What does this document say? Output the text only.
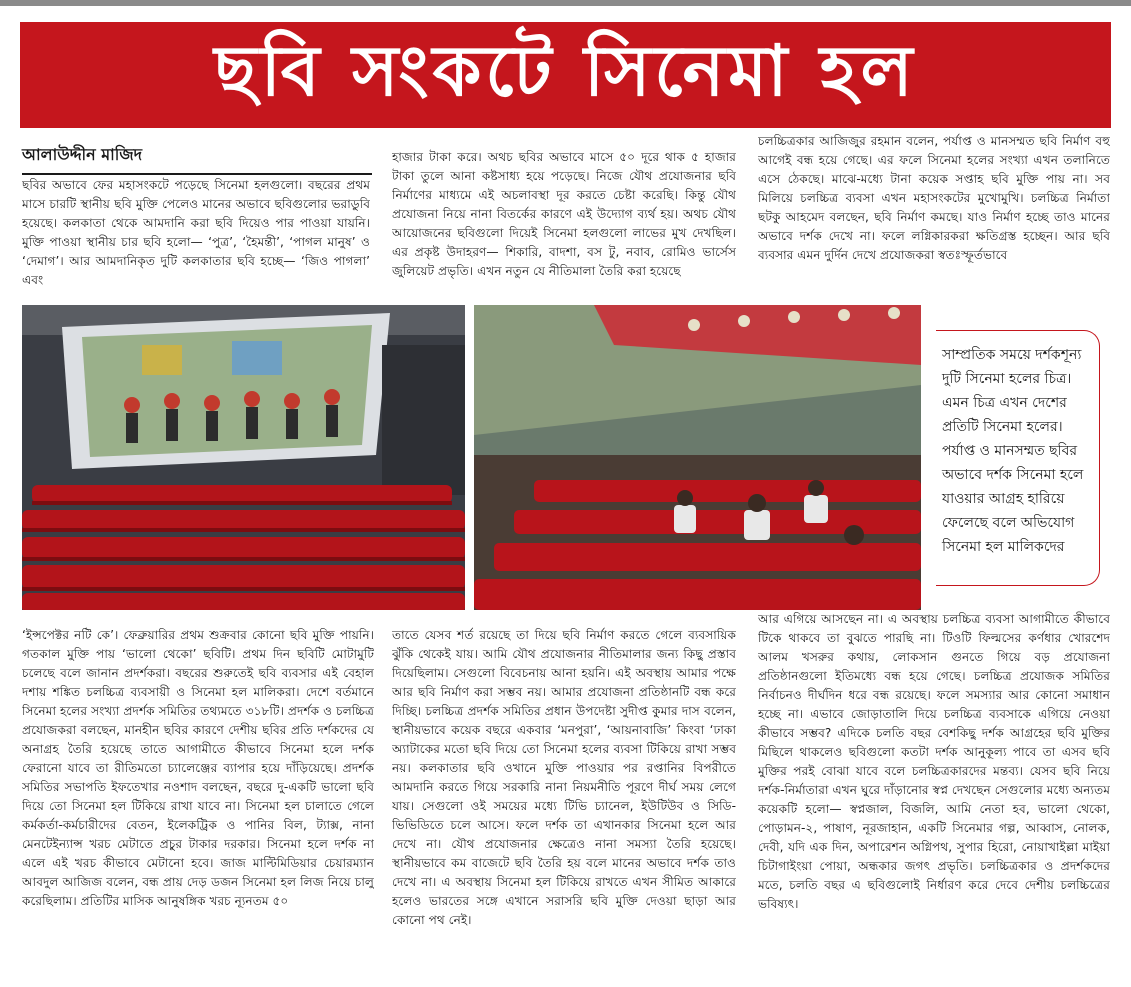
ছবি সংকটে সিনেমা হল
আলাউদ্দীন মাজিদ

ছবির অভাবে ফের মহাসংকটে পড়েছে সিনেমা হলগুলো। বছরের প্রথম মাসে চারটি স্থানীয় ছবি মুক্তি পেলেও মানের অভাবে ছবিগুলোর ভরাডুবি হয়েছে। কলকাতা থেকে আমদানি করা ছবি দিয়েও পার পাওয়া যায়নি। মুক্তি পাওয়া স্থানীয় চার ছবি হলো— ‘পুত্র’, ‘হৈমন্তী’, ‘পাগল মানুষ’ ও ‘দেমাগ’। আর আমদানিকৃত দুটি কলকাতার ছবি হচ্ছে— ‘জিও পাগলা’ এবং

হাজার টাকা করে। অথচ ছবির অভাবে মাসে ৫০ দূরে থাক ৫ হাজার টাকা তুলে আনা কষ্টসাধ্য হয়ে পড়েছে। নিজে যৌথ প্রযোজনার ছবি নির্মাণের মাধ্যমে এই অচলাবস্থা দূর করতে চেষ্টা করেছি। কিন্তু যৌথ প্রযোজনা নিয়ে নানা বিতর্কের কারণে এই উদ্যোগ ব্যর্থ হয়। অথচ যৌথ আয়োজনের ছবিগুলো দিয়েই সিনেমা হলগুলো লাভের মুখ দেখছিল। এর প্রকৃষ্ট উদাহরণ— শিকারি, বাদশা, বস টু, নবাব, রোমিও ভার্সেস জুলিয়েট প্রভৃতি। এখন নতুন যে নীতিমালা তৈরি করা হয়েছে

চলচ্চিত্রকার আজিজুর রহমান বলেন, পর্যাপ্ত ও মানসম্মত ছবি নির্মাণ বহু আগেই বন্ধ হয়ে গেছে। এর ফলে সিনেমা হলের সংখ্যা এখন তলানিতে এসে ঠেকছে। মাঝে-মধ্যে টানা কয়েক সপ্তাহ ছবি মুক্তি পায় না। সব মিলিয়ে চলচ্চিত্র ব্যবসা এখন মহাসংকটের মুখোমুখি। চলচ্চিত্র নির্মাতা ছটকু আহমেদ বলছেন, ছবি নির্মাণ কমছে। যাও নির্মাণ হচ্ছে তাও মানের অভাবে দর্শক দেখে না। ফলে লগ্নিকারকরা ক্ষতিগ্রস্ত হচ্ছেন। আর ছবি ব্যবসার এমন দুর্দিন দেখে প্রযোজকরা স্বতঃস্ফূর্তভাবে

সাম্প্রতিক সময়ে দর্শকশূন্য দুটি সিনেমা হলের চিত্র। এমন চিত্র এখন দেশের প্রতিটি সিনেমা হলের। পর্যাপ্ত ও মানসম্মত ছবির অভাবে দর্শক সিনেমা হলে যাওয়ার আগ্রহ হারিয়ে ফেলেছে বলে অভিযোগ সিনেমা হল মালিকদের

‘ইন্সপেক্টর নটি কে’। ফেব্রুয়ারির প্রথম শুক্রবার কোনো ছবি মুক্তি পায়নি। গতকাল মুক্তি পায় ‘ভালো থেকো’ ছবিটি। প্রথম দিন ছবিটি মোটামুটি চলেছে বলে জানান প্রদর্শকরা। বছরের শুরুতেই ছবি ব্যবসার এই বেহাল দশায় শঙ্কিত চলচ্চিত্র ব্যবসায়ী ও সিনেমা হল মালিকরা। দেশে বর্তমানে সিনেমা হলের সংখ্যা প্রদর্শক সমিতির তথ্যমতে ৩১৮টি। প্রদর্শক ও চলচ্চিত্র প্রযোজকরা বলছেন, মানহীন ছবির কারণে দেশীয় ছবির প্রতি দর্শকদের যে অনাগ্রহ তৈরি হয়েছে তাতে আগামীতে কীভাবে সিনেমা হলে দর্শক ফেরানো যাবে তা রীতিমতো চ্যালেঞ্জের ব্যাপার হয়ে দাঁড়িয়েছে। প্রদর্শক সমিতির সভাপতি ইফতেখার নওশাদ বলছেন, বছরে দু-একটি ভালো ছবি দিয়ে তো সিনেমা হল টিকিয়ে রাখা যাবে না। সিনেমা হল চালাতে গেলে কর্মকর্তা-কর্মচারীদের বেতন, ইলেকট্রিক ও পানির বিল, ট্যাক্স, নানা মেনটেইন্যান্স খরচ মেটাতে প্রচুর টাকার দরকার। সিনেমা হলে দর্শক না এলে এই খরচ কীভাবে মেটানো হবে। জাজ মাল্টিমিডিয়ার চেয়ারম্যান আবদুল আজিজ বলেন, বন্ধ প্রায় দেড় ডজন সিনেমা হল লিজ নিয়ে চালু করেছিলাম। প্রতিটির মাসিক আনুষঙ্গিক খরচ ন্যূনতম ৫০

তাতে যেসব শর্ত রয়েছে তা দিয়ে ছবি নির্মাণ করতে গেলে ব্যবসায়িক ঝুঁকি থেকেই যায়। আমি যৌথ প্রযোজনার নীতিমালার জন্য কিছু প্রস্তাব দিয়েছিলাম। সেগুলো বিবেচনায় আনা হয়নি। এই অবস্থায় আমার পক্ষে আর ছবি নির্মাণ করা সম্ভব নয়। আমার প্রযোজনা প্রতিষ্ঠানটি বন্ধ করে দিচ্ছি। চলচ্চিত্র প্রদর্শক সমিতির প্রধান উপদেষ্টা সুদীপ্ত কুমার দাস বলেন, স্থানীয়ভাবে কয়েক বছরে একবার ‘মনপুরা’, ‘আয়নাবাজি’ কিংবা ‘ঢাকা অ্যাটাকের মতো ছবি দিয়ে তো সিনেমা হলের ব্যবসা টিকিয়ে রাখা সম্ভব নয়। কলকাতার ছবি ওখানে মুক্তি পাওয়ার পর রপ্তানির বিপরীতে আমদানি করতে গিয়ে সরকারি নানা নিয়মনীতি পূরণে দীর্ঘ সময় লেগে যায়। সেগুলো ওই সময়ের মধ্যে টিভি চ্যানেল, ইউটিউব ও সিডি-ভিভিডিতে চলে আসে। ফলে দর্শক তা এখানকার সিনেমা হলে আর দেখে না। যৌথ প্রযোজনার ক্ষেত্রেও নানা সমস্যা তৈরি হয়েছে। স্থানীয়ভাবে কম বাজেটে ছবি তৈরি হয় বলে মানের অভাবে দর্শক তাও দেখে না। এ অবস্থায় সিনেমা হল টিকিয়ে রাখতে এখন সীমিত আকারে হলেও ভারতের সঙ্গে এখানে সরাসরি ছবি মুক্তি দেওয়া ছাড়া আর কোনো পথ নেই।

আর এগিয়ে আসছেন না। এ অবস্থায় চলচ্চিত্র ব্যবসা আগামীতে কীভাবে টিকে থাকবে তা বুঝতে পারছি না। টিওটি ফিল্মসের কর্ণধার খোরশেদ আলম খসরুর কথায়, লোকসান গুনতে গিয়ে বড় প্রযোজনা প্রতিষ্ঠানগুলো ইতিমধ্যে বন্ধ হয়ে গেছে। চলচ্চিত্র প্রযোজক সমিতির নির্বাচনও দীর্ঘদিন ধরে বন্ধ রয়েছে। ফলে সমস্যার আর কোনো সমাধান হচ্ছে না। এভাবে জোড়াতালি দিয়ে চলচ্চিত্র ব্যবসাকে এগিয়ে নেওয়া কীভাবে সম্ভব? এদিকে চলতি বছর বেশকিছু দর্শক আগ্রহের ছবি মুক্তির মিছিলে থাকলেও ছবিগুলো কতটা দর্শক আনুকূল্য পাবে তা এসব ছবি মুক্তির পরই বোঝা যাবে বলে চলচ্চিত্রকারদের মন্তব্য। যেসব ছবি নিয়ে দর্শক-নির্মাতারা এখন ঘুরে দাঁড়ানোর স্বপ্ন দেখছেন সেগুলোর মধ্যে অন্যতম কয়েকটি হলো— স্বপ্নজাল, বিজলি, আমি নেতা হব, ভালো থেকো, পোড়ামন-২, পাষাণ, নূরজাহান, একটি সিনেমার গল্প, আব্বাস, নোলক, দেবী, যদি এক দিন, অপারেশন অগ্নিপথ, সুপার হিরো, নোয়াখাইল্লা মাইয়া চিটাগাইংয়া পোয়া, অন্ধকার জগৎ প্রভৃতি। চলচ্চিত্রকার ও প্রদর্শকদের মতে, চলতি বছর এ ছবিগুলোই নির্ধারণ করে দেবে দেশীয় চলচ্চিত্রের ভবিষ্যৎ।
